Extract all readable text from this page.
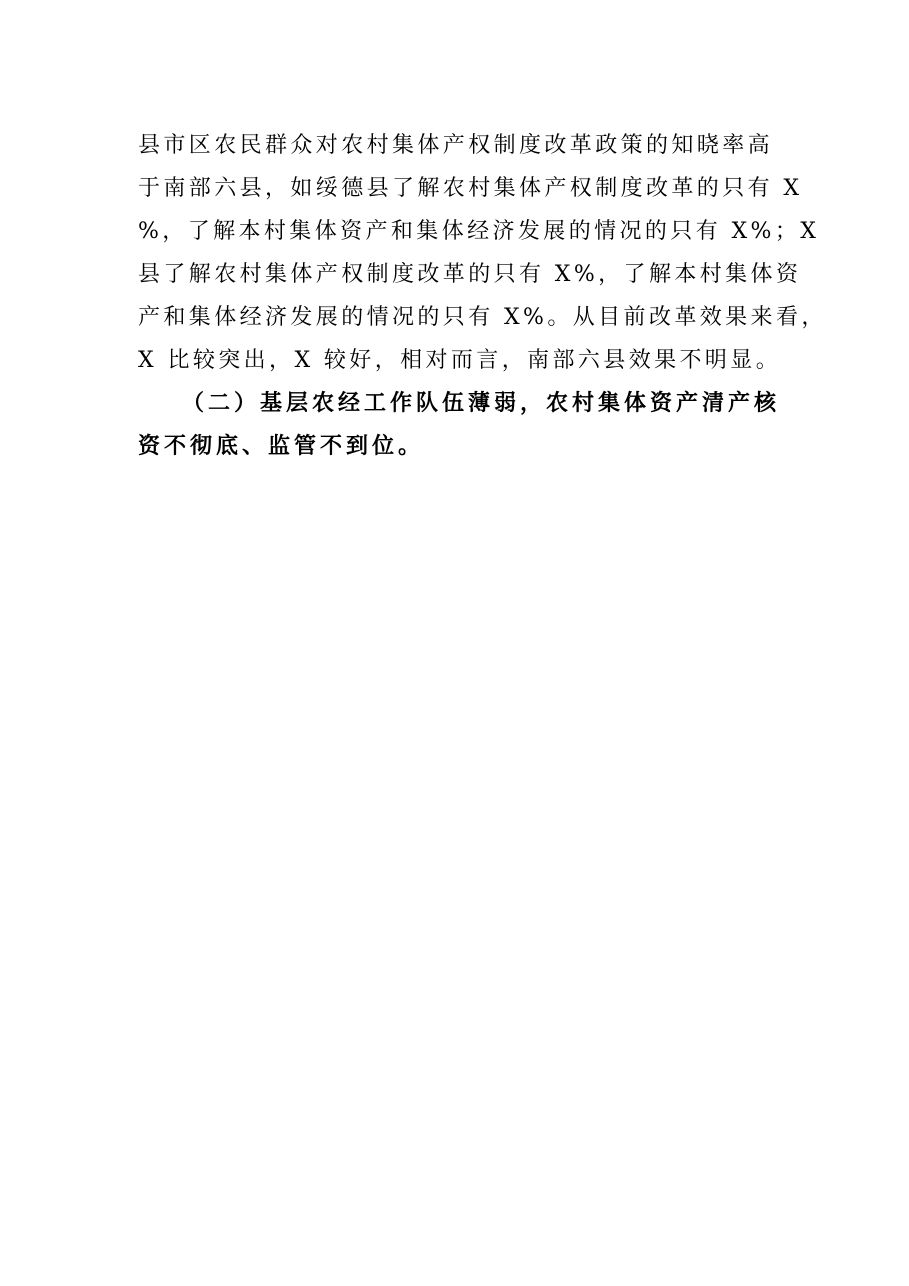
县市区农民群众对农村集体产权制度改革政策的知晓率高
于南部六县，如绥德县了解农村集体产权制度改革的只有 X
%，了解本村集体资产和集体经济发展的情况的只有 X%；X
县了解农村集体产权制度改革的只有 X%，了解本村集体资
产和集体经济发展的情况的只有 X%。从目前改革效果来看，
X 比较突出，X 较好，相对而言，南部六县效果不明显。
（二）基层农经工作队伍薄弱，农村集体资产清产核
资不彻底、监管不到位。
